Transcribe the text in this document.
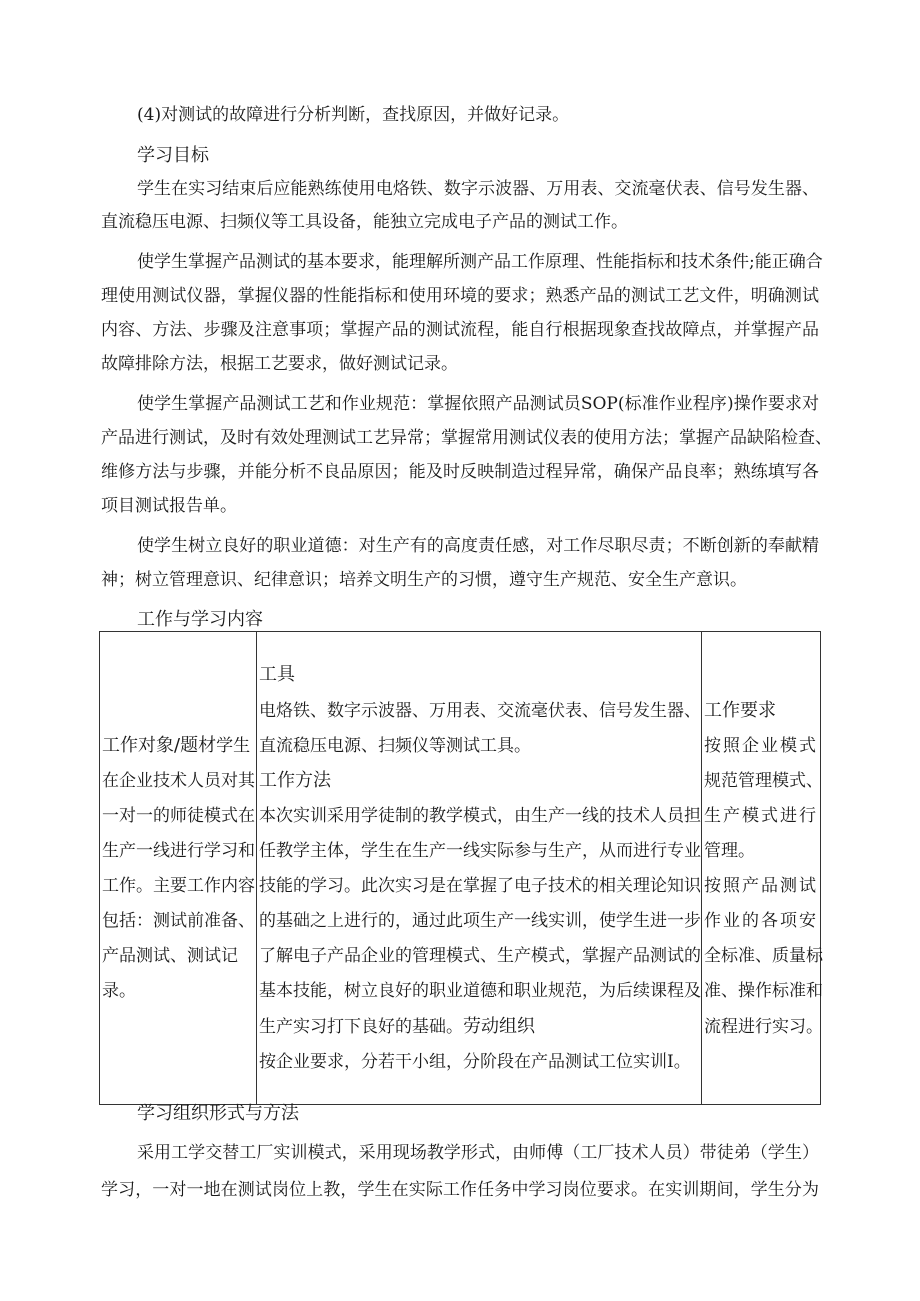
(4)对测试的故障进行分析判断，查找原因，并做好记录。
学习目标
学生在实习结束后应能熟练使用电烙铁、数字示波器、万用表、交流毫伏表、信号发生器、
直流稳压电源、扫频仪等工具设备，能独立完成电子产品的测试工作。
使学生掌握产品测试的基本要求，能理解所测产品工作原理、性能指标和技术条件;能正确合
理使用测试仪器，掌握仪器的性能指标和使用环境的要求；熟悉产品的测试工艺文件，明确测试
内容、方法、步骤及注意事项；掌握产品的测试流程，能自行根据现象查找故障点，并掌握产品
故障排除方法，根据工艺要求，做好测试记录。
使学生掌握产品测试工艺和作业规范：掌握依照产品测试员SOP(标准作业程序)操作要求对
产品进行测试，及时有效处理测试工艺异常；掌握常用测试仪表的使用方法；掌握产品缺陷检查、
维修方法与步骤，并能分析不良品原因；能及时反映制造过程异常，确保产品良率；熟练填写各
项目测试报告单。
使学生树立良好的职业道德：对生产有的高度责任感，对工作尽职尽责；不断创新的奉献精
神；树立管理意识、纪律意识；培养文明生产的习惯，遵守生产规范、安全生产意识。
工作与学习内容
工作对象/题材学生
在企业技术人员对其
一对一的师徒模式在
生产一线进行学习和
工作。主要工作内容
包括：测试前准备、
产品测试、测试记
录。
工具
电烙铁、数字示波器、万用表、交流毫伏表、信号发生器、
直流稳压电源、扫频仪等测试工具。
工作方法
本次实训采用学徒制的教学模式，由生产一线的技术人员担
任教学主体，学生在生产一线实际参与生产，从而进行专业
技能的学习。此次实习是在掌握了电子技术的相关理论知识
的基础之上进行的，通过此项生产一线实训，使学生进一步
了解电子产品企业的管理模式、生产模式，掌握产品测试的
基本技能，树立良好的职业道德和职业规范，为后续课程及
生产实习打下良好的基础。劳动组织
按企业要求，分若干小组，分阶段在产品测试工位实训Ⅰ。
工作要求
按照企业模式
规范管理模式、
生产模式进行
管理。
按照产品测试
作业的各项安
全标准、质量标
准、操作标准和
流程进行实习。
学习组织形式与方法
采用工学交替工厂实训模式，采用现场教学形式，由师傅（工厂技术人员）带徒弟（学生）
学习，一对一地在测试岗位上教，学生在实际工作任务中学习岗位要求。在实训期间，学生分为
